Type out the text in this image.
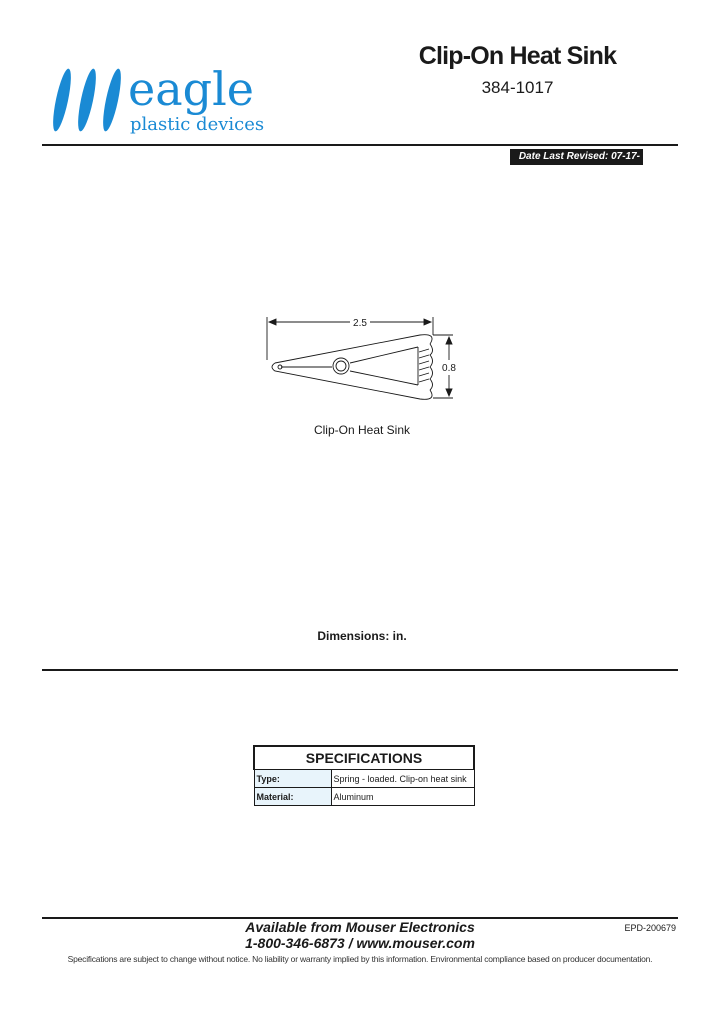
eagle
plastic devices
Clip-On Heat Sink
384-1017
Date Last Revised: 07-17-07
2.5
0.8
Clip-On Heat Sink
Dimensions: in.
SPECIFICATIONS	
Type:	Spring - loaded. Clip-on heat sink
Material:	Aluminum
Available from Mouser Electronics
1-800-346-6873 / www.mouser.com
EPD-200679
Specifications are subject to change without notice. No liability or warranty implied by this information. Environmental compliance based on producer documentation.
